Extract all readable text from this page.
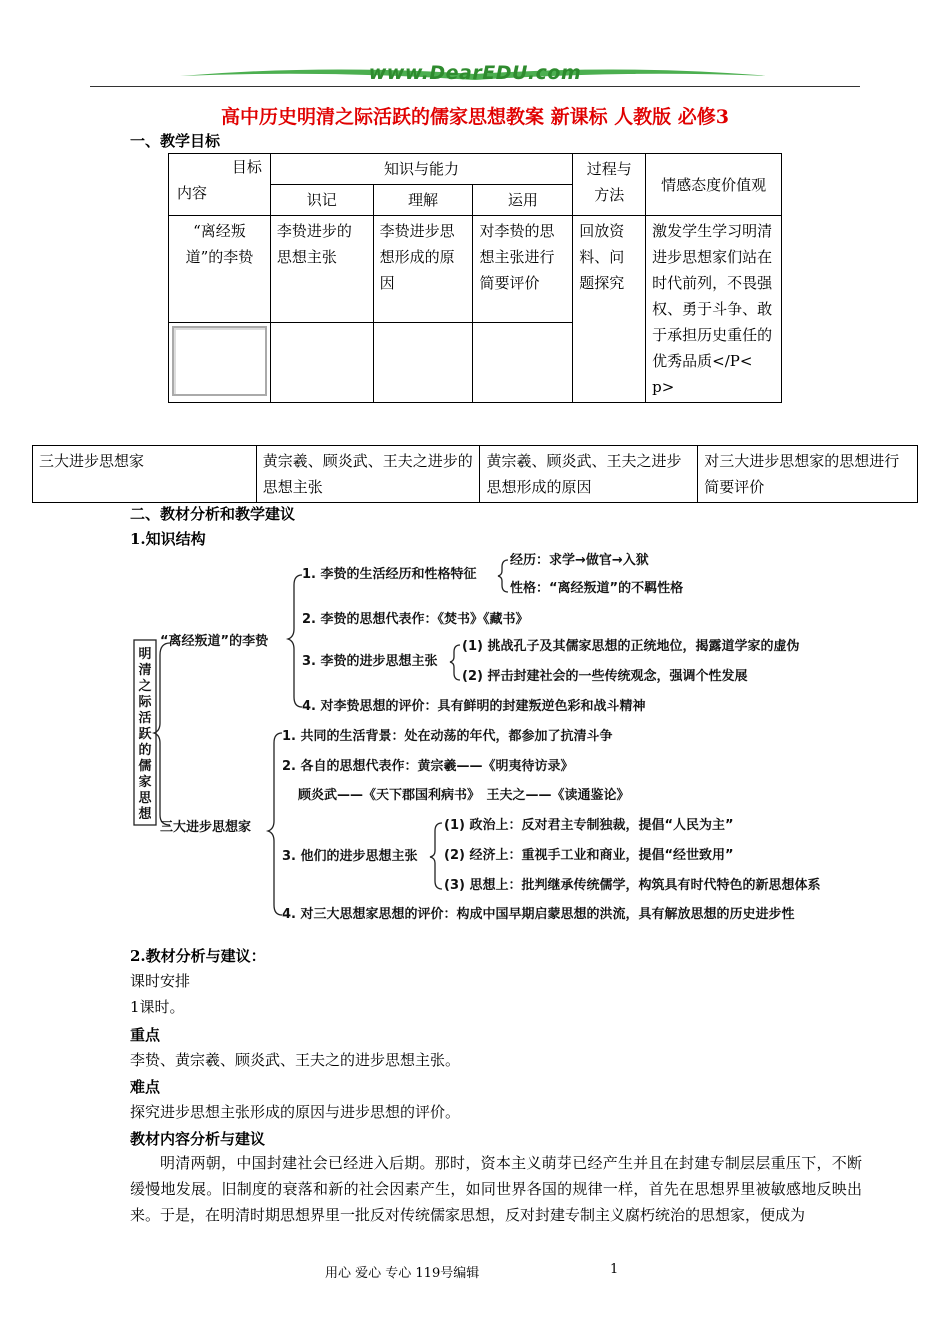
www.DearEDU.com
高中历史明清之际活跃的儒家思想教案 新课标 人教版 必修3
一、教学目标
目标
内容	知识与能力			过程与方法	情感态度价值观
	识记	理解	运用		
“离经叛道”的李贽	李贽进步的思想主张	李贽进步思想形成的原因	对李贽的思想主张进行简要评价	回放资料、问题探究	激发学生学习明清进步思想家们站在时代前列，不畏强权、勇于斗争、敢于承担历史重任的优秀品质</P< p>

三大进步思想家	黄宗羲、顾炎武、王夫之进步的思想主张	黄宗羲、顾炎武、王夫之进步思想形成的原因	对三大进步思想家的思想进行简要评价
二、教材分析和教学建议
1.知识结构
明
清
之
际
活
跃
的
儒
家
思
想
“离经叛道”的李贽
三大进步思想家
1. 李贽的生活经历和性格特征
2. 李贽的思想代表作：《焚书》《藏书》
3. 李贽的进步思想主张
4. 对李贽思想的评价：具有鲜明的封建叛逆色彩和战斗精神
经历：求学→做官→入狱
性格：“离经叛道”的不羁性格
(1) 挑战孔子及其儒家思想的正统地位，揭露道学家的虚伪
(2) 抨击封建社会的一些传统观念，强调个性发展
1. 共同的生活背景：处在动荡的年代，都参加了抗清斗争
2. 各自的思想代表作：黄宗羲——《明夷待访录》
顾炎武——《天下郡国利病书》　王夫之——《读通鉴论》
3. 他们的进步思想主张
4. 对三大思想家思想的评价：构成中国早期启蒙思想的洪流，具有解放思想的历史进步性
(1) 政治上：反对君主专制独裁，提倡“人民为主”
(2) 经济上：重视手工业和商业，提倡“经世致用”
(3) 思想上：批判继承传统儒学，构筑具有时代特色的新思想体系
2.教材分析与建议：
课时安排
1课时。
重点
李贽、黄宗羲、顾炎武、王夫之的进步思想主张。
难点
探究进步思想主张形成的原因与进步思想的评价。
教材内容分析与建议
明清两朝，中国封建社会已经进入后期。那时，资本主义萌芽已经产生并且在封建专制层层重压下，不断缓慢地发展。旧制度的衰落和新的社会因素产生，如同世界各国的规律一样，首先在思想界里被敏感地反映出来。于是，在明清时期思想界里一批反对传统儒家思想，反对封建专制主义腐朽统治的思想家，便成为
用心 爱心 专心 119号编辑	1
